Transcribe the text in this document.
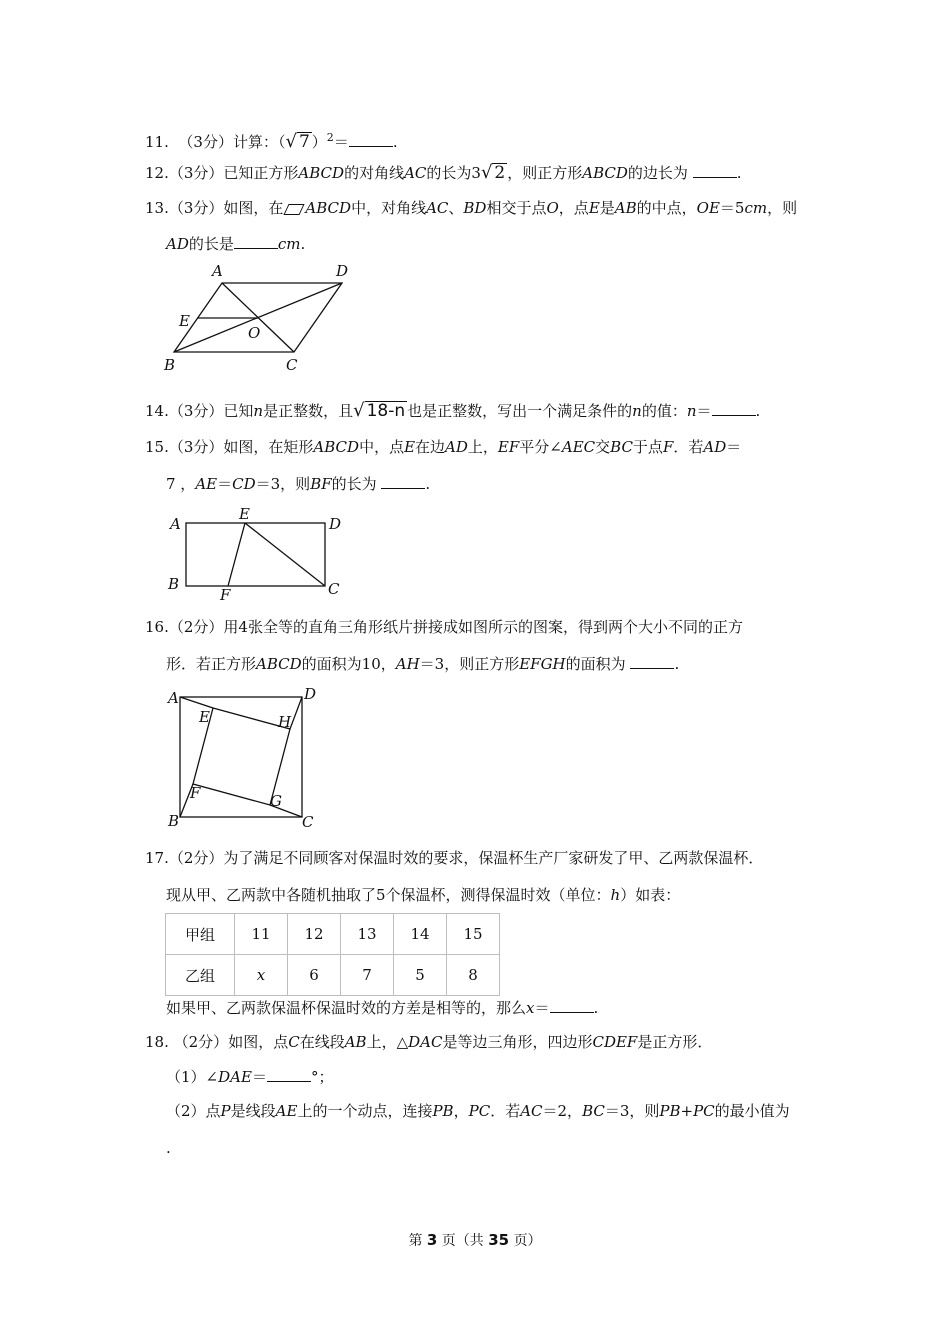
11. （3分）计算：（√ 7 ）$^2$＝	.
12.（3分）已知正方形ABCD的对角线AC的长为3√ 2 ，则正方形ABCD的边长为	.
13.（3分）如图，在 ABCD中，对角线AC、BD相交于点O，点E是AB的中点，OE＝5cm，则
AD的长是	cm.
A	D
E
O
B	C
14.（3分）已知n是正整数，且√ 18-n 也是正整数，写出一个满足条件的n的值：n＝	.
15.（3分）如图，在矩形ABCD中，点E在边AD上，EF平分∠AEC交BC于点F．若AD＝
7 ，AE＝CD＝3，则BF的长为	.
A
E
D
B
F	C
16.（2分）用4张全等的直角三角形纸片拼接成如图所示的图案，得到两个大小不同的正方
形．若正方形ABCD的面积为10，AH＝3，则正方形EFGH的面积为	.
A	D
E	H
F	G
B	C
17.（2分）为了满足不同顾客对保温时效的要求，保温杯生产厂家研发了甲、乙两款保温杯．
现从甲、乙两款中各随机抽取了5个保温杯，测得保温时效（单位：h）如表：
甲组	11	12	13	14	15
乙组	x	6	7	5	8
如果甲、乙两款保温杯保温时效的方差是相等的，那么x＝	.
18. （2分）如图，点C在线段AB上，△DAC是等边三角形，四边形CDEF是正方形．
（1）∠DAE＝	°；
（2）点P是线段AE上的一个动点，连接PB，PC．若AC＝2，BC＝3，则PB+PC的最小值为
.
第 3 页（共 35 页）
